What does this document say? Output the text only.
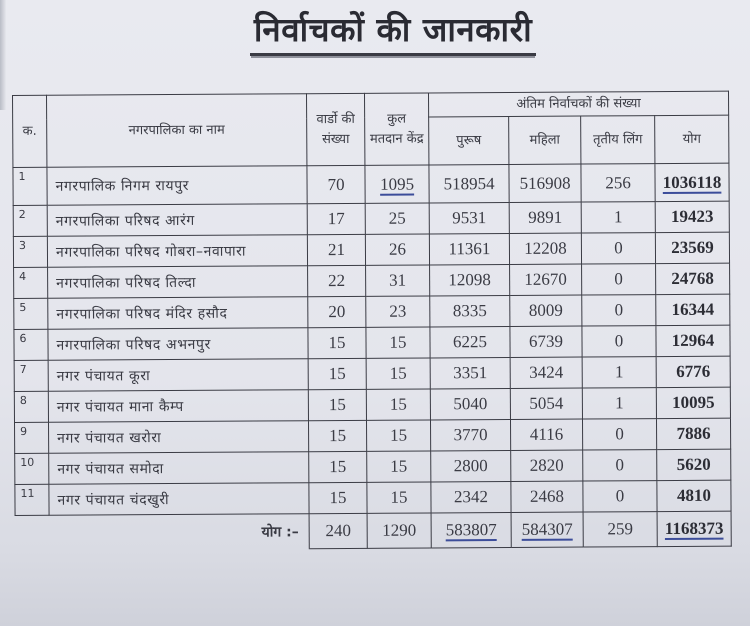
निर्वाचकों की जानकारी
क.	नगरपालिका का नाम	वार्डो की संख्या	कुल मतदान केंद्र	अंतिम निर्वाचकों की संख्या			
				पुरूष	महिला	तृतीय लिंग	योग
1	नगरपालिक निगम रायपुर	70	1095	518954	516908	256	1036118
2	नगरपालिका परिषद आरंग	17	25	9531	9891	1	19423
3	नगरपालिका परिषद गोबरा–नवापारा	21	26	11361	12208	0	23569
4	नगरपालिका परिषद तिल्दा	22	31	12098	12670	0	24768
5	नगरपालिका परिषद मंदिर हसौद	20	23	8335	8009	0	16344
6	नगरपालिका परिषद अभनपुर	15	15	6225	6739	0	12964
7	नगर पंचायत कूरा	15	15	3351	3424	1	6776
8	नगर पंचायत माना कैम्प	15	15	5040	5054	1	10095
9	नगर पंचायत खरोरा	15	15	3770	4116	0	7886
10	नगर पंचायत समोदा	15	15	2800	2820	0	5620
11	नगर पंचायत चंदखुरी	15	15	2342	2468	0	4810
योग :–		240	1290	583807	584307	259	1168373
